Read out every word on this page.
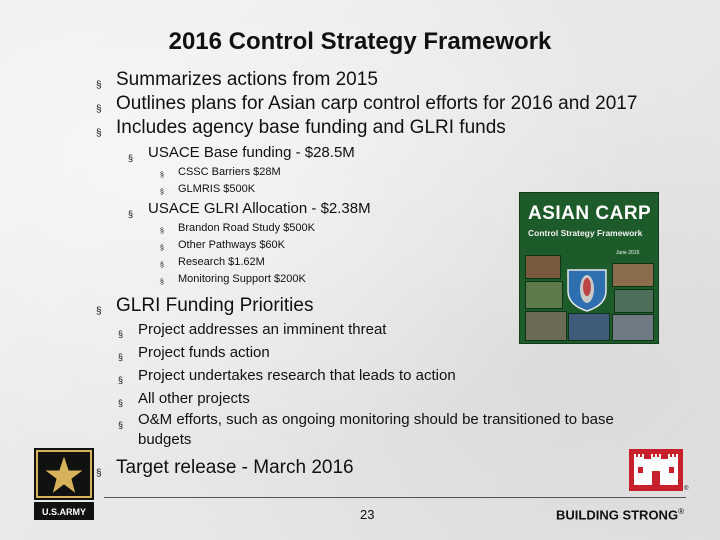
2016 Control Strategy Framework
§ Summarizes actions from 2015
§ Outlines plans for Asian carp control efforts for 2016 and 2017
§ Includes agency base funding and GLRI funds
§ USACE Base funding - $28.5M
§ CSSC Barriers $28M
§ GLMRIS $500K
§ USACE GLRI Allocation - $2.38M
§ Brandon Road Study $500K
§ Other Pathways $60K
§ Research $1.62M
§ Monitoring Support $200K
§ GLRI Funding Priorities
§ Project addresses an imminent threat
§ Project funds action
§ Project undertakes research that leads to action
§ All other projects
§ O&M efforts, such as ongoing monitoring should be transitioned to base budgets
§ Target release - March 2016
ASIAN CARP
Control Strategy Framework
June 2015
U.S.ARMY
®
23	BUILDING STRONG®
